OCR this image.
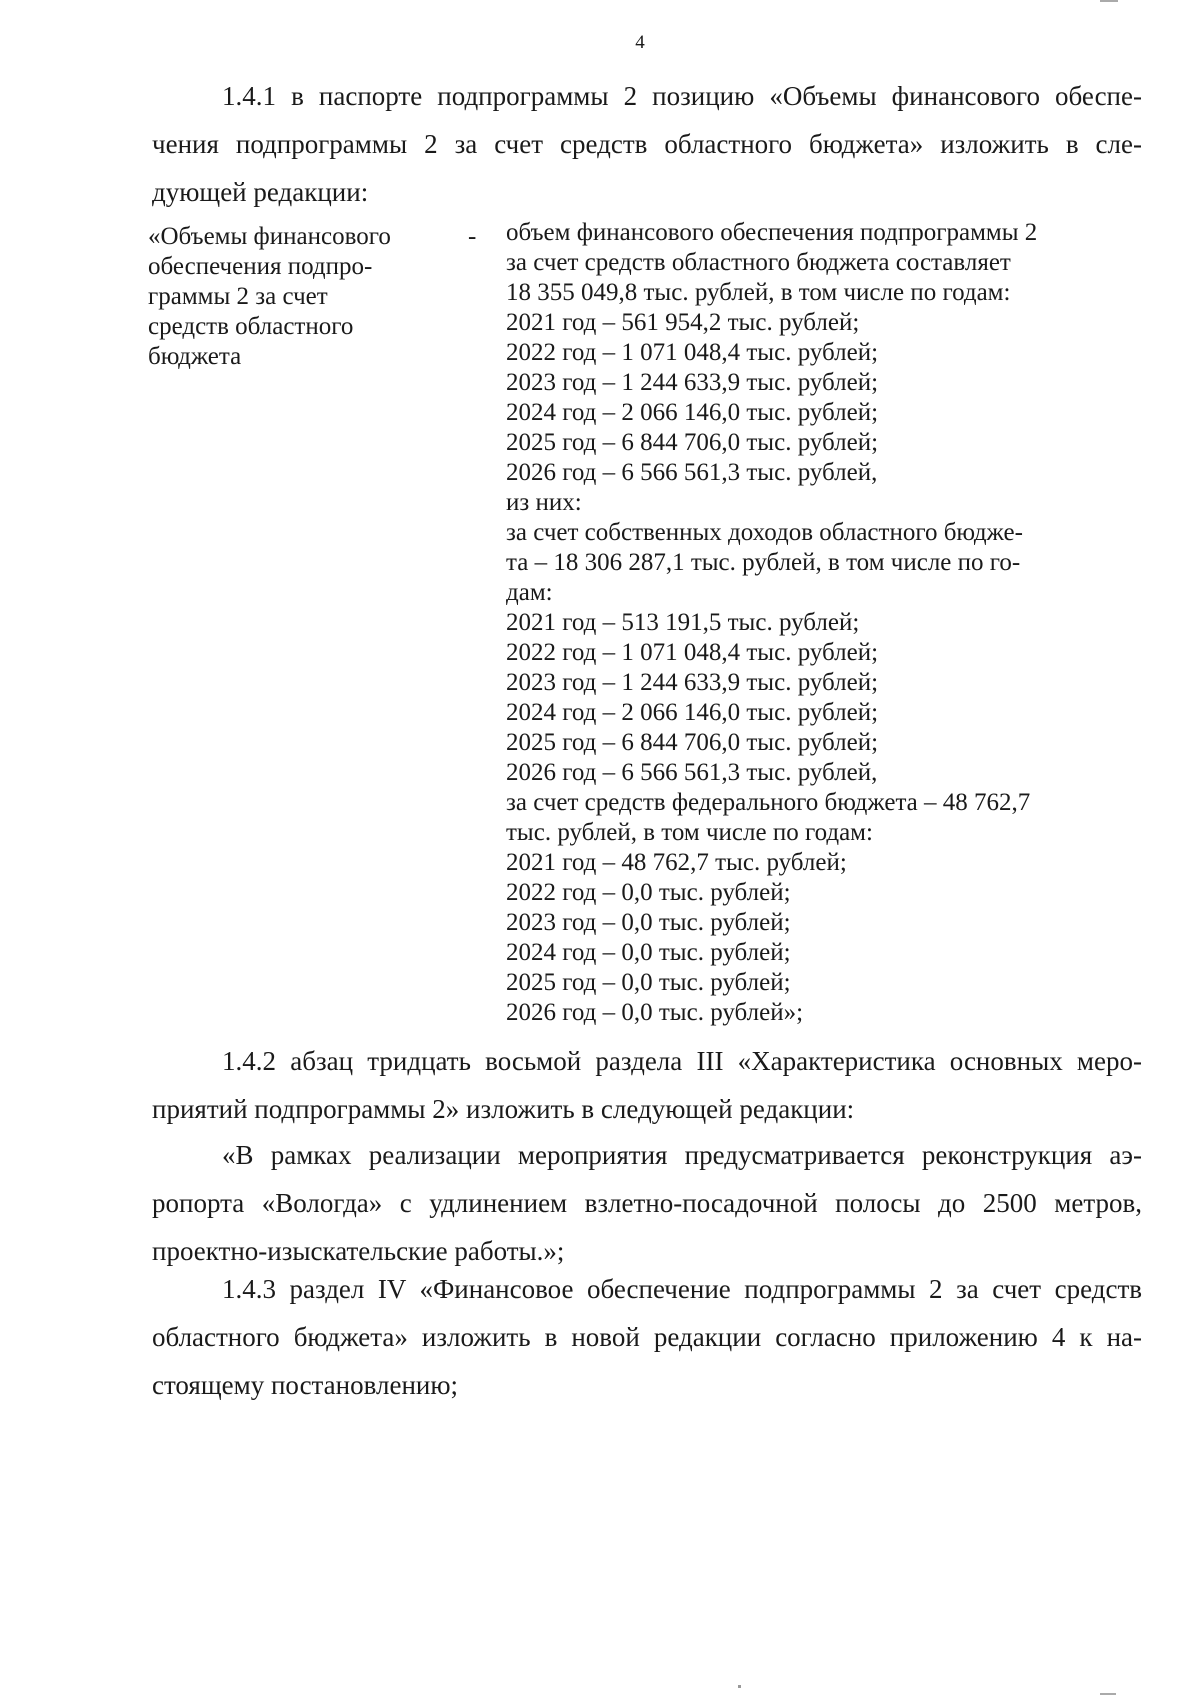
4
1.4.1 в паспорте подпрограммы 2 позицию «Объемы финансового обеспе-
чения подпрограммы 2 за счет средств областного бюджета» изложить в сле-
дующей редакции:
«Объемы финансового
обеспечения подпро-
граммы 2 за счет
средств областного
бюджета
- объем финансового обеспечения подпрограммы 2
за счет средств областного бюджета составляет
18 355 049,8 тыс. рублей, в том числе по годам:
2021 год – 561 954,2 тыс. рублей;
2022 год – 1 071 048,4 тыс. рублей;
2023 год – 1 244 633,9 тыс. рублей;
2024 год – 2 066 146,0 тыс. рублей;
2025 год – 6 844 706,0 тыс. рублей;
2026 год – 6 566 561,3 тыс. рублей,
из них:
за счет собственных доходов областного бюдже-
та – 18 306 287,1 тыс. рублей, в том числе по го-
дам:
2021 год – 513 191,5 тыс. рублей;
2022 год – 1 071 048,4 тыс. рублей;
2023 год – 1 244 633,9 тыс. рублей;
2024 год – 2 066 146,0 тыс. рублей;
2025 год – 6 844 706,0 тыс. рублей;
2026 год – 6 566 561,3 тыс. рублей,
за счет средств федерального бюджета – 48 762,7
тыс. рублей, в том числе по годам:
2021 год – 48 762,7 тыс. рублей;
2022 год – 0,0 тыс. рублей;
2023 год – 0,0 тыс. рублей;
2024 год – 0,0 тыс. рублей;
2025 год – 0,0 тыс. рублей;
2026 год – 0,0 тыс. рублей»;
1.4.2 абзац тридцать восьмой раздела III «Характеристика основных меро-
приятий подпрограммы 2» изложить в следующей редакции:
«В рамках реализации мероприятия предусматривается реконструкция аэ-
ропорта «Вологда» с удлинением взлетно-посадочной полосы до 2500 метров,
проектно-изыскательские работы.»;
1.4.3 раздел IV «Финансовое обеспечение подпрограммы 2 за счет средств
областного бюджета» изложить в новой редакции согласно приложению 4 к на-
стоящему постановлению;
